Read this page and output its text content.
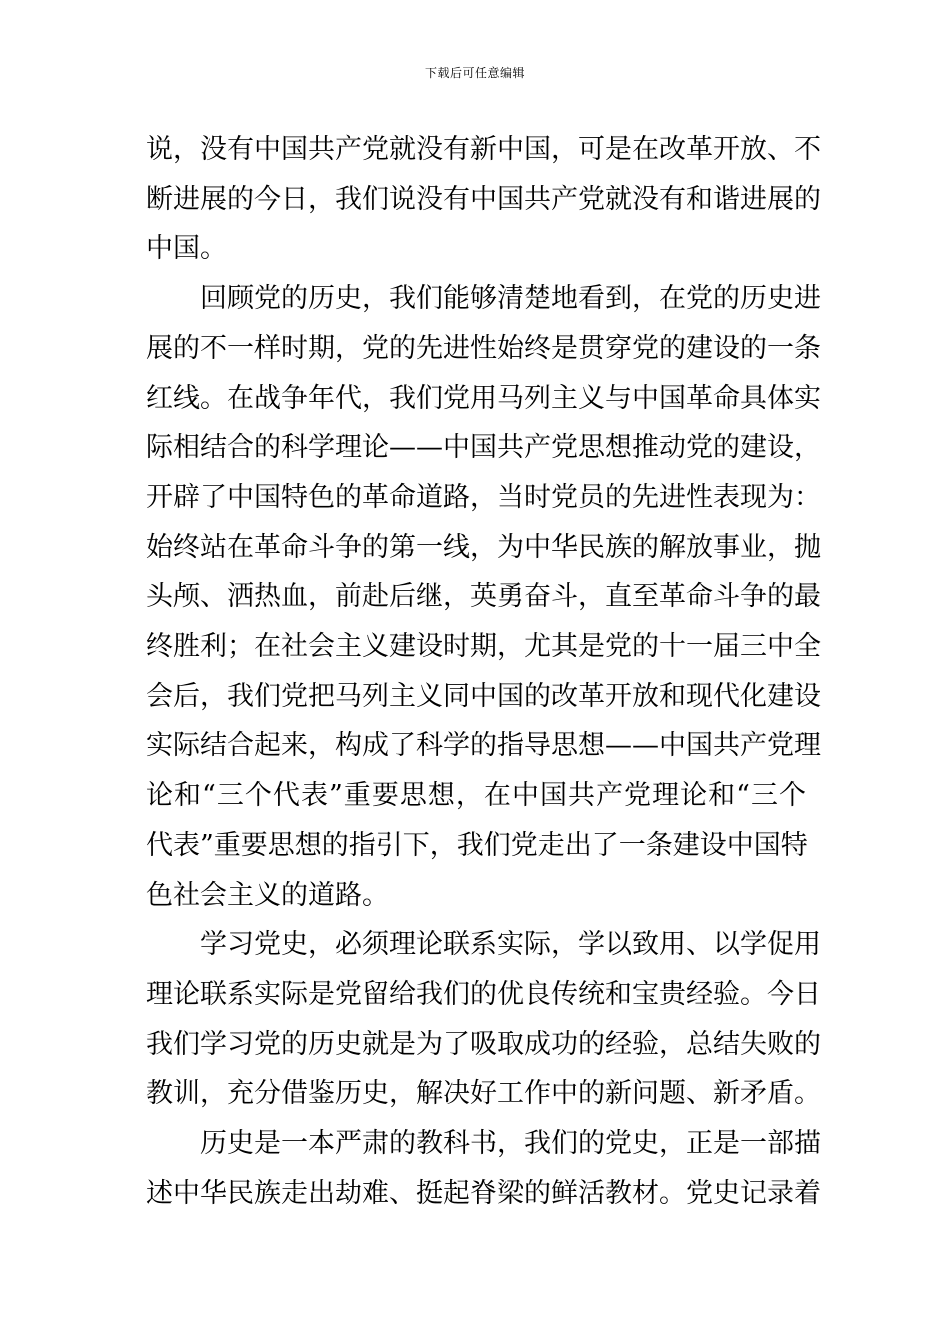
下载后可任意编辑

说，没有中国共产党就没有新中国，可是在改革开放、不
断进展的今日，我们说没有中国共产党就没有和谐进展的
中国。

回顾党的历史，我们能够清楚地看到，在党的历史进
展的不一样时期，党的先进性始终是贯穿党的建设的一条
红线。在战争年代，我们党用马列主义与中国革命具体实
际相结合的科学理论——中国共产党思想推动党的建设，
开辟了中国特色的革命道路，当时党员的先进性表现为：
始终站在革命斗争的第一线，为中华民族的解放事业，抛
头颅、洒热血，前赴后继，英勇奋斗，直至革命斗争的最
终胜利；在社会主义建设时期，尤其是党的十一届三中全
会后，我们党把马列主义同中国的改革开放和现代化建设
实际结合起来，构成了科学的指导思想——中国共产党理
论和“三个代表”重要思想，在中国共产党理论和“三个
代表”重要思想的指引下，我们党走出了一条建设中国特
色社会主义的道路。

学习党史，必须理论联系实际，学以致用、以学促用
理论联系实际是党留给我们的优良传统和宝贵经验。今日
我们学习党的历史就是为了吸取成功的经验，总结失败的
教训，充分借鉴历史，解决好工作中的新问题、新矛盾。

历史是一本严肃的教科书，我们的党史，正是一部描
述中华民族走出劫难、挺起脊梁的鲜活教材。党史记录着
